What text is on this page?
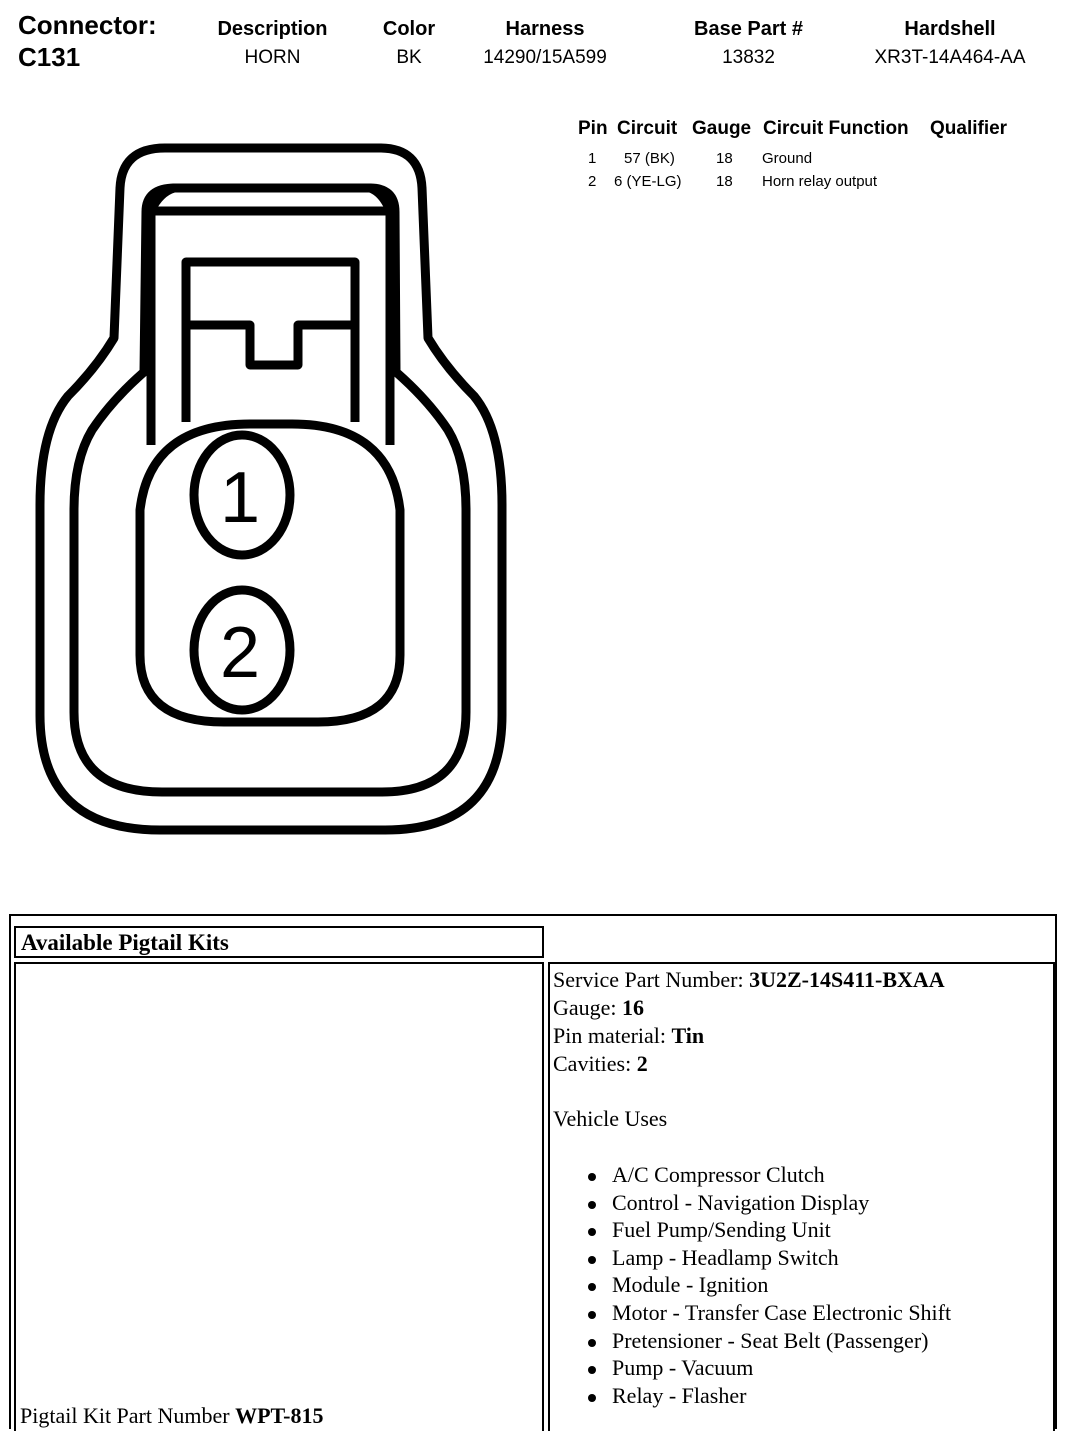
Connector:
C131
Description
HORN
Color
BK
Harness
14290/15A599
Base Part #
13832
Hardshell
XR3T-14A464-AA
Pin Circuit Gauge Circuit Function Qualifier
1 57 (BK)	18 Ground
2 6 (YE-LG) 18 Horn relay output
1
2
Available Pigtail Kits
Pigtail Kit Part Number WPT-815
Service Part Number: 3U2Z-14S411-BXAA
Gauge: 16
Pin material: Tin
Cavities: 2
Vehicle Uses
A/C Compressor Clutch
Control - Navigation Display
Fuel Pump/Sending Unit
Lamp - Headlamp Switch
Module - Ignition
Motor - Transfer Case Electronic Shift
Pretensioner - Seat Belt (Passenger)
Pump - Vacuum
Relay - Flasher
